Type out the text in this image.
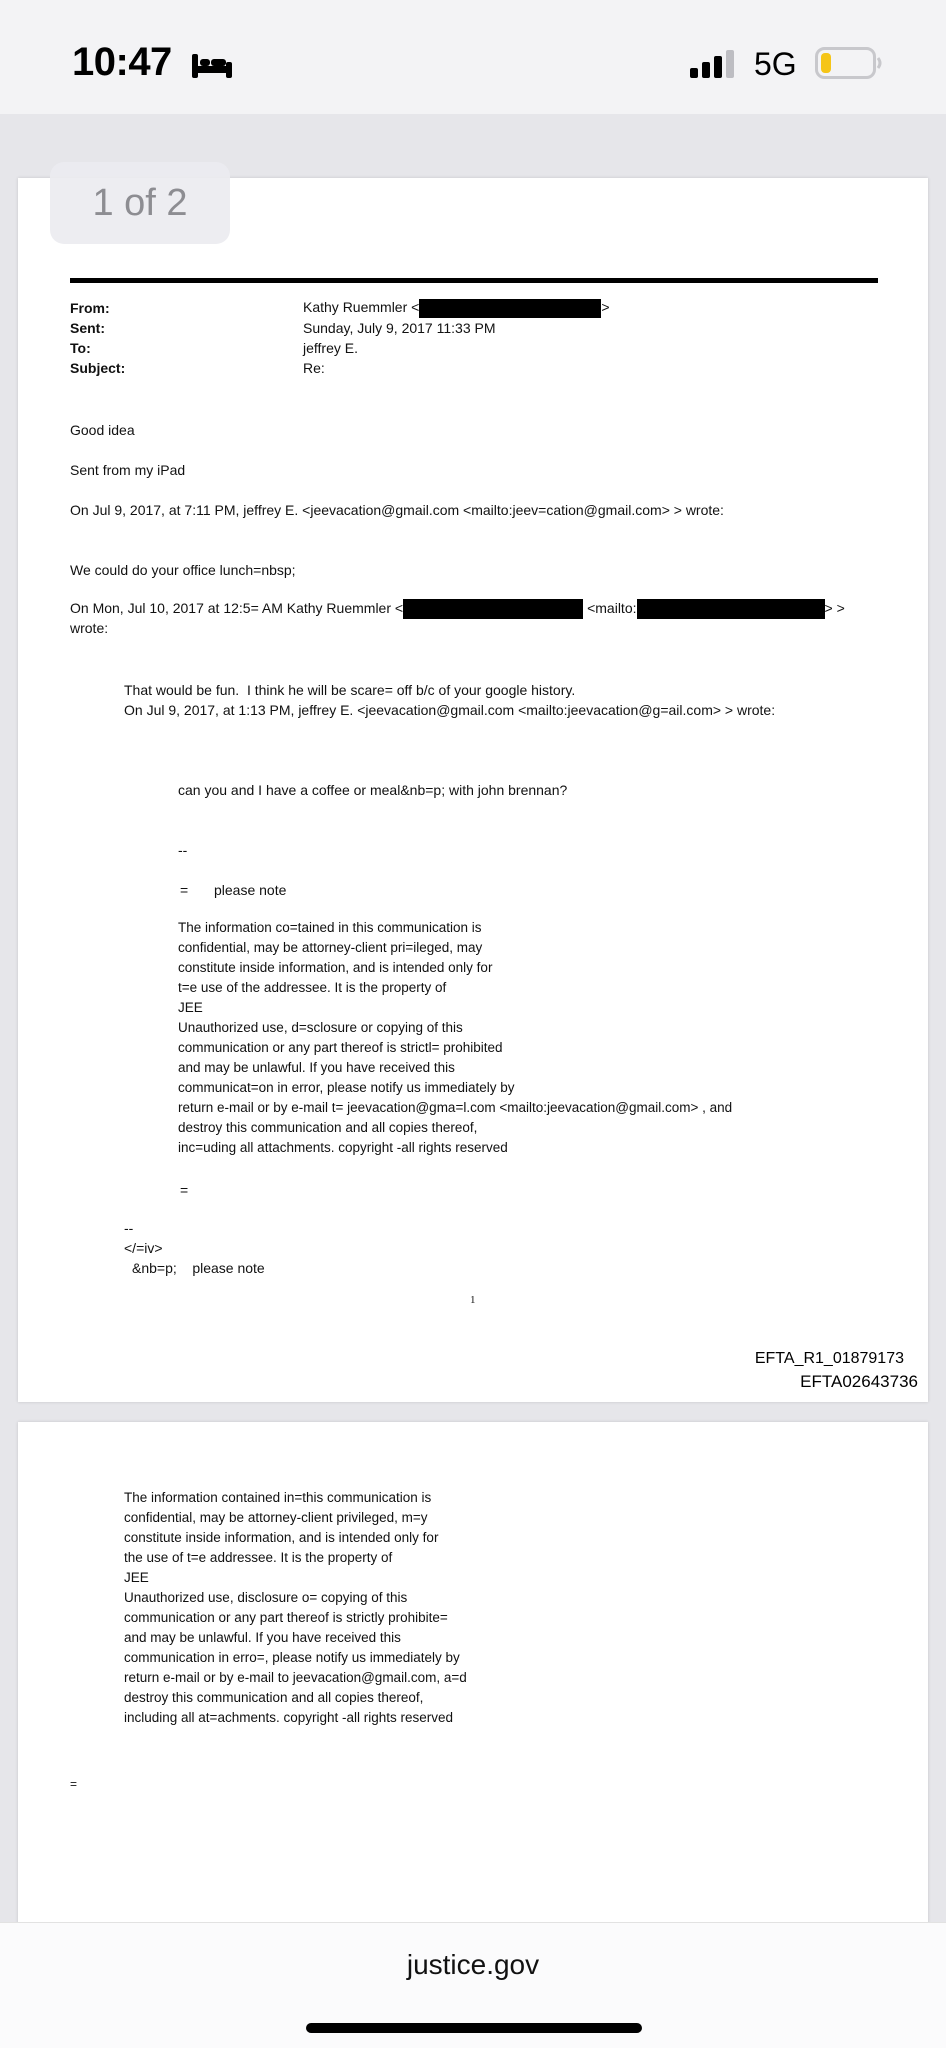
10:47	5G
1 of 2
From:	Kathy Ruemmler <	>
Sent:	Sunday, July 9, 2017 11:33 PM
To:	jeffrey E.
Subject:	Re:
Good idea
Sent from my iPad
On Jul 9, 2017, at 7:11 PM, jeffrey E. <jeevacation@gmail.com <mailto:jeev=cation@gmail.com> > wrote:
We could do your office lunch=nbsp;
On Mon, Jul 10, 2017 at 12:5= AM Kathy Ruemmler <	<mailto:	> >
wrote:
That would be fun.  I think he will be scare= off b/c of your google history.
On Jul 9, 2017, at 1:13 PM, jeffrey E. <jeevacation@gmail.com <mailto:jeevacation@g=ail.com> > wrote:
can you and I have a coffee or meal&nb=p; with john brennan?
--
= please note
The information co=tained in this communication is
confidential, may be attorney-client pri=ileged, may
constitute inside information, and is intended only for
t=e use of the addressee. It is the property of
JEE
Unauthorized use, d=sclosure or copying of this
communication or any part thereof is strictl= prohibited
and may be unlawful. If you have received this
communicat=on in error, please notify us immediately by
return e-mail or by e-mail t= jeevacation@gma=l.com <mailto:jeevacation@gmail.com> , and
destroy this communication and all copies thereof,
inc=uding all attachments. copyright -all rights reserved
=
--
</=iv>
&nb=p;    please note
1
EFTA_R1_01879173
EFTA02643736
The information contained in=this communication is
confidential, may be attorney-client privileged, m=y
constitute inside information, and is intended only for
the use of t=e addressee. It is the property of
JEE
Unauthorized use, disclosure o= copying of this
communication or any part thereof is strictly prohibite=
and may be unlawful. If you have received this
communication in erro=, please notify us immediately by
return e-mail or by e-mail to jeevacation@gmail.com, a=d
destroy this communication and all copies thereof,
including all at=achments. copyright -all rights reserved
=
justice.gov
